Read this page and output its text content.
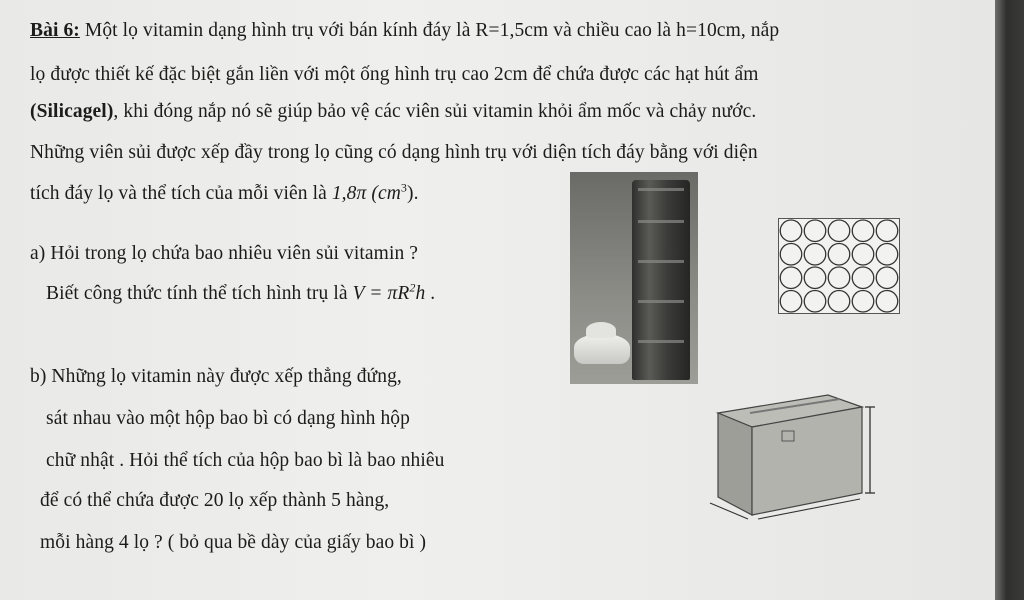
Bài 6: Một lọ vitamin dạng hình trụ với bán kính đáy là R=1,5cm và chiều cao là h=10cm, nắp
lọ được thiết kế đặc biệt gắn liền với một ống hình trụ cao 2cm để chứa được các hạt hút ẩm
(Silicagel), khi đóng nắp nó sẽ giúp bảo vệ các viên sủi vitamin khỏi ẩm mốc và chảy nước.
Những viên sủi được xếp đầy trong lọ cũng có dạng hình trụ với diện tích đáy bằng với diện
tích đáy lọ và thể tích của mỗi viên là 1,8π $(cm^3)$.
a) Hỏi trong lọ chứa bao nhiêu viên sủi vitamin ?
Biết công thức tính thể tích hình trụ là $V = \pi R^2h$ .
b) Những lọ vitamin này được xếp thẳng đứng,
sát nhau vào một hộp bao bì có dạng hình hộp
chữ nhật . Hỏi thể tích của hộp bao bì là bao nhiêu
để có thể chứa được 20 lọ xếp thành 5 hàng,
mỗi hàng 4 lọ ? ( bỏ qua bề dày của giấy bao bì )
